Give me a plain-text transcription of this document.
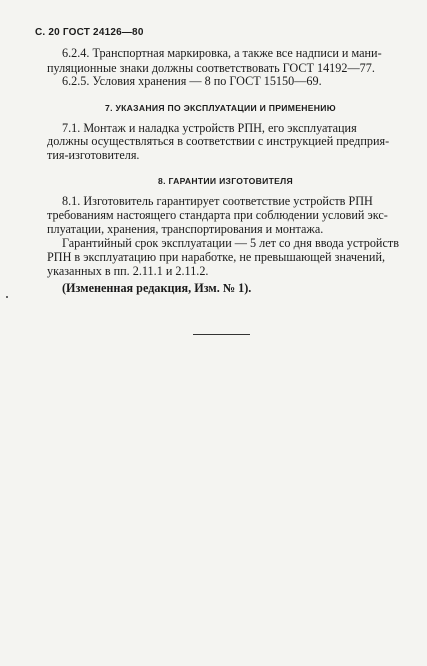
С. 20 ГОСТ 24126—80
6.2.4. Транспортная маркировка, а также все надписи и мани-
пуляционные знаки должны соответствовать ГОСТ 14192—77.
6.2.5. Условия хранения — 8 по ГОСТ 15150—69.
7. УКАЗАНИЯ ПО ЭКСПЛУАТАЦИИ И ПРИМЕНЕНИЮ
7.1. Монтаж и наладка устройств РПН, его эксплуатация
должны осуществляться в соответствии с инструкцией предприя-
тия-изготовителя.
8. ГАРАНТИИ ИЗГОТОВИТЕЛЯ
8.1. Изготовитель гарантирует соответствие устройств РПН
требованиям настоящего стандарта при соблюдении условий экс-
плуатации, хранения, транспортирования и монтажа.
Гарантийный срок эксплуатации — 5 лет со дня ввода устройств
РПН в эксплуатацию при наработке, не превышающей значений,
указанных в пп. 2.11.1 и 2.11.2.
(Измененная редакция, Изм. № 1).
